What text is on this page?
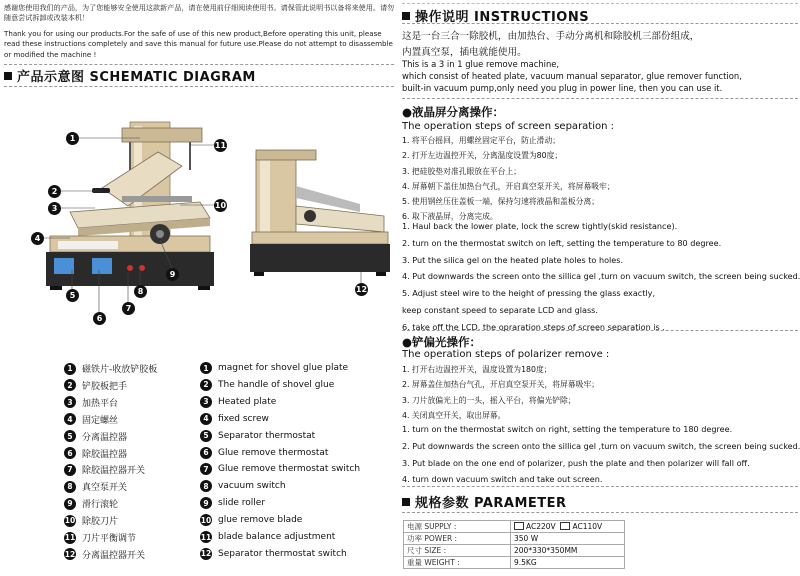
感谢您使用我们的产品，为了您能够安全使用这款新产品，请在使用前仔细阅读使用书。请保管此说明书以备将来使用。请勿随意尝试拆卸或改装本机！
Thank you for using our products.For the safe of use of this new product,Before operating this unit, please read these instructions completely and save this manual for future use.Please do not attempt to disassemble or modified the machine !
产品示意图 SCHEMATIC DIAGRAM
1
11
2
10
3
4
5
6
7
8
9
12
1	磁铁片-收放铲胶板	1	magnet for shovel glue plate
2	铲胶板把手	2	The handle of shovel glue
3	加热平台	3	Heated plate
4	固定螺丝	4	fixed screw
5	分离温控器	5	Separator thermostat
6	除胶温控器	6	Glue remove thermostat
7	除胶温控器开关	7	Glue remove thermostat switch
8	真空泵开关	8	vacuum switch
9	滑行滚轮	9	slide roller
10 除胶刀片	10 glue remove blade
11 刀片平衡调节	11 blade balance adjustment
12 分离温控器开关	12 Separator thermostat switch
操作说明 INSTRUCTIONS
这是一台三合一除胶机，由加热台、手动分离机和除胶机三部份组成，
内置真空泵，插电就能使用。
This is a 3 in 1 glue remove machine,
which consist of heated plate, vacuum manual separator, glue remover function,
built-in vacuum pump,only need you plug in power line, then you can use it.
●液晶屏分离操作：
The operation steps of screen separation :
1. 将平台摇回，用螺丝固定平台，防止滑动；
2. 打开左边温控开关，分离温度设置为80度；
3. 把硅胶垫对准孔眼放在平台上；
4. 屏幕朝下盖住加热台气孔，开启真空泵开关，将屏幕吸牢；
5. 使用钢丝压住盖板一端，保持匀速将液晶和盖板分离；
6. 取下液晶屏，分离完成。
1. Haul back the lower plate, lock the screw tightly(skid resistance).
2. turn on the thermostat switch on left, setting the temperature to 80 degree.
3. Put the silica gel on the heated plate holes to holes.
4. Put downwards the screen onto the sillica gel ,turn on vacuum switch, the screen being sucked.
5. Adjust steel wire to the height of pressing the glass exactly,
keep constant speed to separate LCD and glass.
6. take off the LCD, the opraration steps of screen separation is .
●铲偏光操作：
The operation steps of polarizer remove :
1. 打开右边温控开关，温度设置为180度；
2. 屏幕盖住加热台气孔，开启真空泵开关，将屏幕吸牢；
3. 刀片放偏光上的一头，摇入平台，将偏光铲除；
4. 关闭真空开关，取出屏幕。
1. turn on the thermostat switch on right, setting the temperature to 180 degree.
2. Put downwards the screen onto the sillica gel ,turn on vacuum switch, the screen being sucked.
3. Put blade on the one end of polarizer, push the plate and then polarizer will fall off.
4. turn down vacuum switch and take out screen.
规格参数 PARAMETER
电源 SUPPLY :	AC220V AC110V
功率 POWER :	350 W
尺寸 SIZE :	200*330*350MM
重量 WEIGHT :	9.5KG
